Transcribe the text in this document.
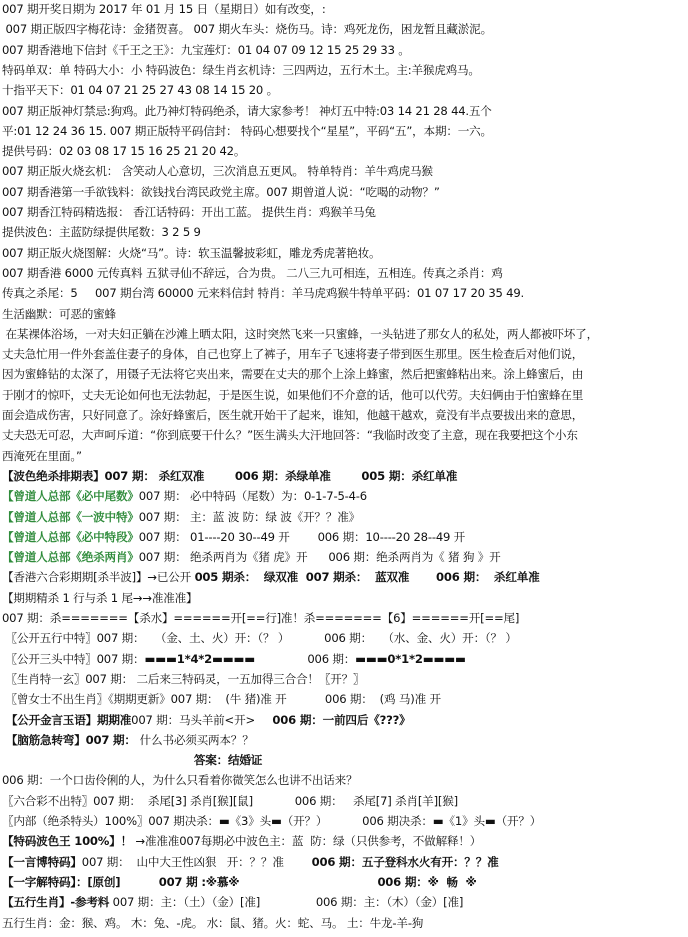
007 期开奖日期为 2017 年 01 月 15 日（星期日）如有改变，:
007 期正版四字梅花诗：金猪贺喜。 007 期火车头：烧伤马。诗：鸡死龙伤，困龙暂且藏淤泥。
007 期香港地下信封《千王之王》：九宝莲灯：01 04 07 09 12 15 25 29 33 。
特码单双：单 特码大小：小 特码波色：绿生肖玄机诗：三四两边，五行木土。主:羊猴虎鸡马。
十指平天下：01 04 07 21 25 27 43 08 14 15 20 。
007 期正版神灯禁忌:狗鸡。此乃神灯特码绝杀，请大家参考！ 神灯五中特:03 14 21 28 44.五个
平:01 12 24 36 15. 007 期正版特平码信封： 特码心想要找个“星星”，平码“五”，本期：一六。
提供号码：02 03 08 17 15 16 25 21 20 42。
007 期正版火烧玄机： 含笑动人心意切，三次消息五更风。 特单特肖：羊牛鸡虎马猴
007 期香港第一手欲钱料：欲钱找台湾民政党主席。007 期曾道人说：“吃喝的动物？”
007 期香江特码精选报： 香江话特码：开出工蓝。 提供生肖：鸡猴羊马兔
提供波色：主蓝防绿提供尾数：3 2 5 9
007 期正版火烧图解：火烧“马”。诗：软玉温馨披彩虹，雕龙秀虎著艳妆。
007 期香港 6000 元传真料 五狱寻仙不辞远，合为贵。 二八三九可相连，五相连。传真之杀肖：鸡
传真之杀尾：5     007 期台湾 60000 元来料信封 特肖：羊马虎鸡猴牛特单平码：01 07 17 20 35 49.
生活幽默：可恶的蜜蜂
在某裸体浴场，一对夫妇正躺在沙滩上晒太阳，这时突然飞来一只蜜蜂，一头钻进了那女人的私处，两人都被吓坏了，
丈夫急忙用一件外套盖住妻子的身体，自己也穿上了裤子，用车子飞速将妻子带到医生那里。医生检查后对他们说，
因为蜜蜂钻的太深了，用镊子无法将它夹出来，需要在丈夫的那个上涂上蜂蜜，然后把蜜蜂粘出来。涂上蜂蜜后，由
于刚才的惊吓，丈夫无论如何也无法勃起，于是医生说，如果他们不介意的话，他可以代劳。夫妇俩由于怕蜜蜂在里
面会造成伤害，只好同意了。涂好蜂蜜后，医生就开始干了起来，谁知，他越干越欢，竟没有半点要拔出来的意思，
丈夫恐无可忍，大声呵斥道：“你到底要干什么？”医生满头大汗地回答：“我临时改变了主意，现在我要把这个小东
西淹死在里面。”
【波色绝杀排期表】007 期： 杀红双准        006 期：杀绿单准        005 期：杀红单准
【曾道人总部《必中尾数》007 期： 必中特码（尾数）为：0-1-7-5-4-6
【曾道人总部《一波中特》007 期： 主：蓝 波 防：绿 波《开？？准》
【曾道人总部《必中特段》007 期： 01----20 30--49 开        006 期：10----20 28--49 开
【曾道人总部《绝杀两肖》007 期： 绝杀两肖为《猪 虎》开      006 期：绝杀两肖为《 猪 狗 》开
【香港六合彩期期[杀半波]】→已公开 005 期杀：  绿双准  007 期杀：  蓝双准       006 期：  杀红单准
【期期精杀 1 行与杀 1 尾→→准准准】
007 期：杀=======【杀水】======开[==行]准！杀=======【6】======开[==尾]
〖公开五行中特〗007 期：   （金、土、火）开：（？ ）          006 期：   （水、金、火）开：（？ ）
〖公开三头中特〗007 期：▬▬▬1*4*2▬▬▬▬               006 期：▬▬▬0*1*2▬▬▬▬
〖生肖特一玄〗007 期： 二后来三特码灵，一五加得三合合！〖开？〗
〖曾女士不出生肖〗《期期更新》007 期：  (牛 猪)准 开           006 期：  (鸡 马)准 开
【公开金言玉语】期期准007 期：马头羊前<开>     006 期：一前四后《???》
【脑筋急转弯】007 期： 什么书必须买两本？？
答案：结婚证
006 期：一个口齿伶俐的人，为什么只看着你微笑怎么也讲不出话来？
〖六合彩不出特〗007 期：  杀尾[3] 杀肖[猴][鼠]            006 期：   杀尾[7] 杀肖[羊][猴]
〖内部（绝杀特头）100%〗007 期决杀：▬《3》头▬（开？）          006 期决杀：▬《1》头▬（开？）
【特码波色王 100%】！ →准准准007每期必中波色主：蓝  防：绿（只供参考，不做解释！）
【一言博特码】007 期：  山中大王性凶狠   开：？？准        006 期：五子登科水火有开：？？准
【一字解特码】：[原创]          007 期 :※慕※                                    006 期：※  畅  ※
【五行生肖】-参考料 007 期：主：（土）（金）[准]                006 期：主：（木）（金）[准]
五行生肖：金：猴、鸡。 木：兔、-虎。 水：鼠、猪。火：蛇、马。 土：牛龙-羊-狗
